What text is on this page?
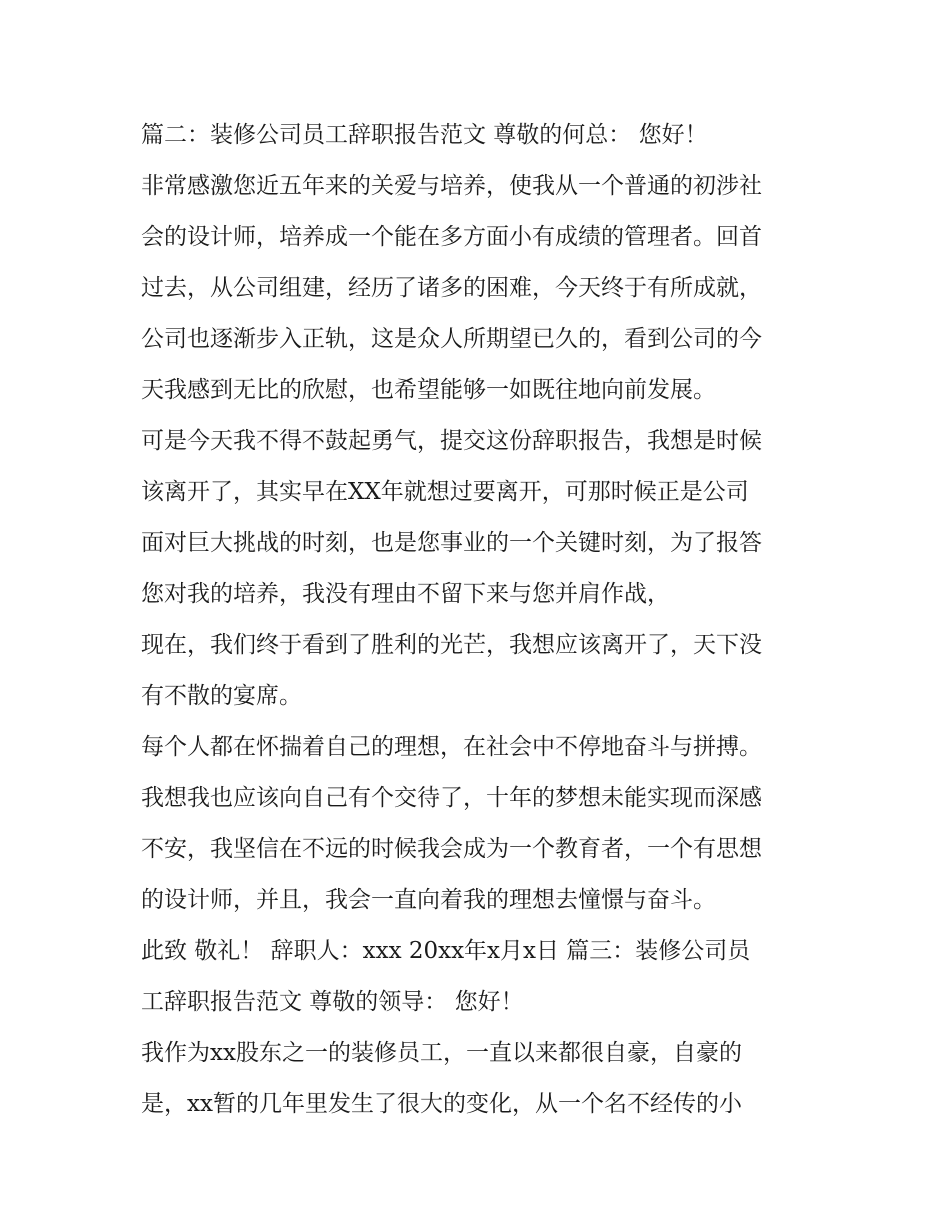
篇二：装修公司员工辞职报告范文 尊敬的何总： 您好！

非常感激您近五年来的关爱与培养，使我从一个普通的初涉社
会的设计师，培养成一个能在多方面小有成绩的管理者。回首
过去，从公司组建，经历了诸多的困难，今天终于有所成就，
公司也逐渐步入正轨，这是众人所期望已久的，看到公司的今
天我感到无比的欣慰，也希望能够一如既往地向前发展。

可是今天我不得不鼓起勇气，提交这份辞职报告，我想是时候
该离开了，其实早在XX年就想过要离开，可那时候正是公司
面对巨大挑战的时刻，也是您事业的一个关键时刻，为了报答
您对我的培养，我没有理由不留下来与您并肩作战，

现在，我们终于看到了胜利的光芒，我想应该离开了，天下没
有不散的宴席。

每个人都在怀揣着自己的理想，在社会中不停地奋斗与拼搏。
我想我也应该向自己有个交待了，十年的梦想未能实现而深感
不安，我坚信在不远的时候我会成为一个教育者，一个有思想
的设计师，并且，我会一直向着我的理想去憧憬与奋斗。

此致 敬礼！ 辞职人：xxx 20xx年x月x日 篇三：装修公司员
工辞职报告范文 尊敬的领导： 您好！

我作为xx股东之一的装修员工，一直以来都很自豪，自豪的
是，xx暂的几年里发生了很大的变化，从一个名不经传的小
